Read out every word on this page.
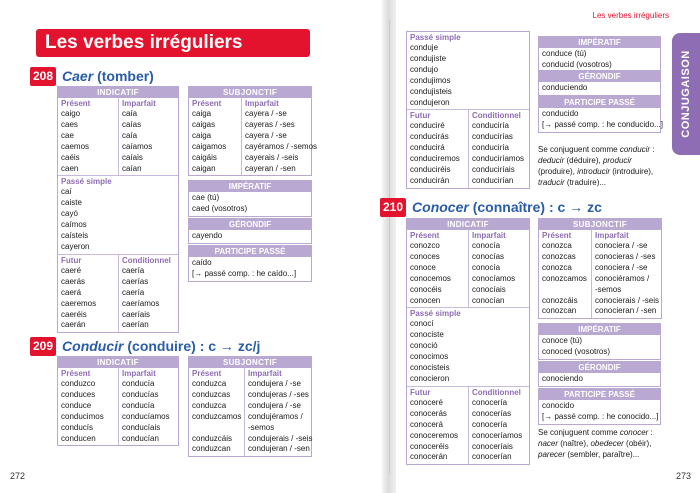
Les verbes irréguliers
208 Caer (tomber)
INDICATIF
Présent
caigo
caes
cae
caemos
caéis
caen
Imparfait
caía
caías
caía
caíamos
caíais
caían
Passé simple
caí
caiste
cayó
caímos
caísteis
cayeron
Futur
caeré
caerás
caerá
caeremos
caeréis
caerán
Conditionnel
caería
caerías
caería
caeríamos
caeríais
caerían
SUBJONCTIF
Présent
caiga
caigas
caiga
caigamos
caigáis
caigan
Imparfait
cayera / -se
cayeras / -ses
cayera / -se
cayéramos / -semos
cayerais / -seis
cayeran / -sen
IMPÉRATIF
cae (tú)
caed (vosotros)
GÉRONDIF
cayendo
PARTICIPE PASSÉ
caído
[→ passé comp. : he caído...]
209 Conducir (conduire) : c → zc/j
INDICATIF
Présent
conduzco
conduces
conduce
conducimos
conducís
conducen
Imparfait
conducía
conducías
conducía
conducíamos
conducíais
conducían
SUBJONCTIF
Présent
conduzca
conduzcas
conduzca
conduzcamos

conduzcáis
conduzcan
Imparfait
condujera / -se
condujeras / -ses
condujera / -se
condujéramos /
-semos
condujerais / -seis
condujeran / -sen
272
Les verbes irréguliers
CONJUGAISON
Passé simple
conduje
condujiste
condujo
condujimos
condujisteis
condujeron
Futur
conduciré
conducirás
conducirá
conduciremos
conduciréis
conducirán
Conditionnel
conduciría
conducirías
conduciría
conduciríamos
conduciríais
conducirían
IMPÉRATIF
conduce (tú)
conducid (vosotros)
GÉRONDIF
conduciendo
PARTICIPE PASSÉ
conducido
[→ passé comp. : he conducido...]
Se conjuguent comme conducir : deducir (déduire), producir (produire), introducir (introduire), traducir (traduire)...
210 Conocer (connaître) : c → zc
INDICATIF
Présent
conozco
conoces
conoce
conocemos
conocéis
conocen
Imparfait
conocía
conocías
conocía
conocíamos
conocíais
conocían
Passé simple
conocí
conociste
conoció
conocimos
conocisteis
conocieron
Futur
conoceré
conocerás
conocerá
conoceremos
conoceréis
conocerán
Conditionnel
conocería
conocerías
conocería
conoceríamos
conoceríais
conocerían
SUBJONCTIF
Présent
conozca
conozcas
conozca
conozcamos

conozcáis
conozcan
Imparfait
conociera / -se
conocieras / -ses
conociera / -se
conociéramos /
-semos
conocierais / -seis
conocieran / -sen
IMPÉRATIF
conoce (tú)
conoced (vosotros)
GÉRONDIF
conociendo
PARTICIPE PASSÉ
conocido
[→ passé comp. : he conocido...]
Se conjuguent comme conocer : nacer (naître), obedecer (obéir), parecer (sembler, paraître)...
273
